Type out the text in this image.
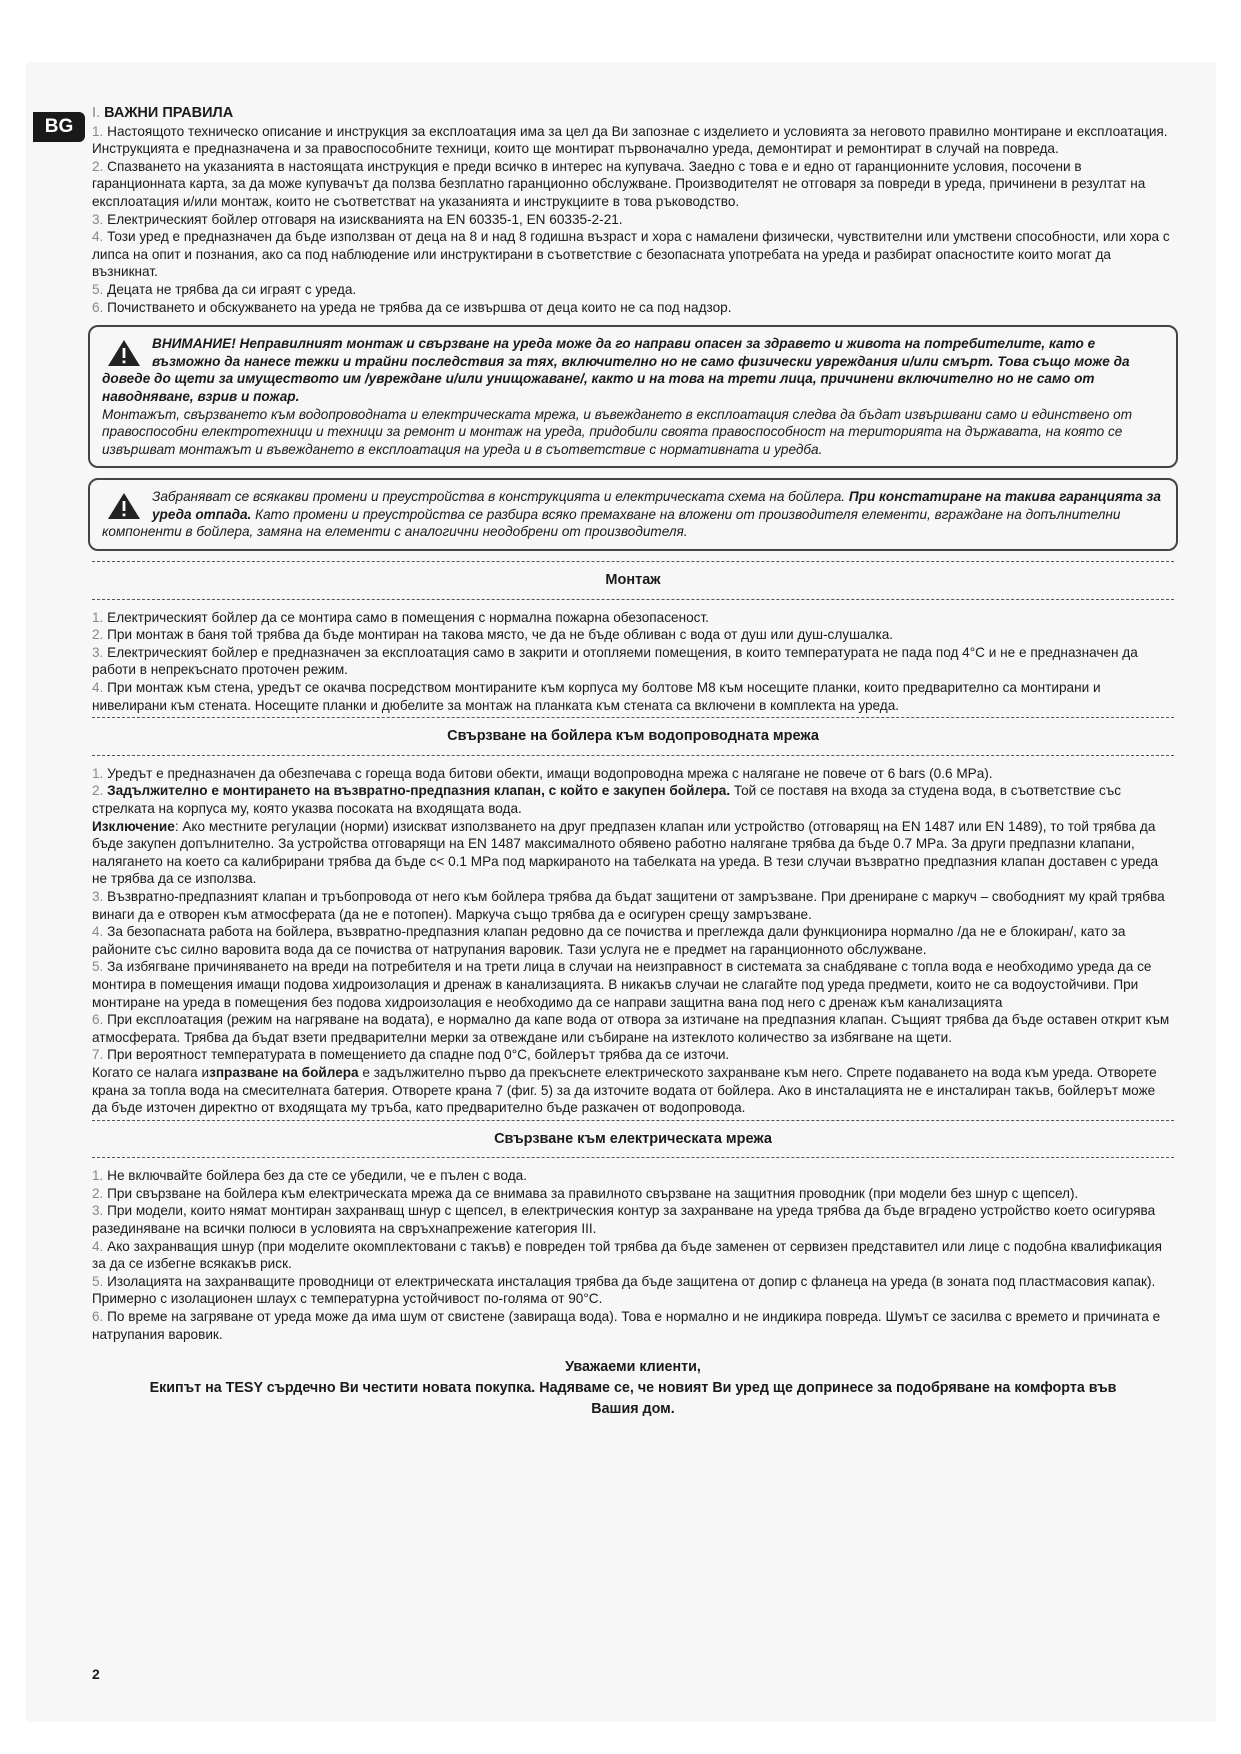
BG

I. ВАЖНИ ПРАВИЛА

1. Настоящото техническо описание и инструкция за експлоатация има за цел да Ви запознае с изделието и условията за неговото правилно монтиране и експлоатация. Инструкцията е предназначена и за правоспособните техници, които ще монтират първоначално уреда, демонтират и ремонтират в случай на повреда.

2. Спазването на указанията в настоящата инструкция е преди всичко в интерес на купувача. Заедно с това е и едно от гаранционните условия, посочени в гаранционната карта, за да може купувачът да ползва безплатно гаранционно обслужване. Производителят не отговаря за повреди в уреда, причинени в резултат на експлоатация и/или монтаж, които не съответстват на указанията и инструкциите в това ръководство.

3. Електрическият бойлер отговаря на изискванията на EN 60335-1, EN 60335-2-21.

4. Този уред е предназначен да бъде използван от деца на 8 и над 8 годишна възраст и хора с намалени физически, чувствителни или умствени способности, или хора с липса на опит и познания, ако са под наблюдение или инструктирани в съответствие с безопасната употребата на уреда и разбират опасностите които могат да възникнат.

5. Децата не трябва да си играят с уреда.

6. Почистването и обскужването на уреда не трябва да се извършва от деца които не са под надзор.

ВНИМАНИЕ! Неправилният монтаж и свързване на уреда може да го направи опасен за здравето и живота на потребителите, като е възможно да нанесе тежки и трайни последствия за тях, включително но не само физически увреждания и/или смърт. Това също може да доведе до щети за имуществото им /увреждане и/или унищожаване/, както и на това на трети лица, причинени включително но не само от наводняване, взрив и пожар.
Монтажът, свързването към водопроводната и електрическата мрежа, и въвеждането в експлоатация следва да бъдат извършвани само и единствено от правоспособни електротехници и техници за ремонт и монтаж на уреда, придобили своята правоспособност на територията на държавата, на която се извършват монтажът и въвеждането в експлоатация на уреда и в съответствие с нормативната и уредба.
Забраняват се всякакви промени и преустройства в конструкцията и електрическата схема на бойлера. При констатиране на такива гаранцията за уреда отпада. Като промени и преустройства се разбира всяко премахване на вложени от производителя елементи, вграждане на допълнителни компоненти в бойлера, замяна на елементи с аналогични неодобрени от производителя.
Монтаж

1. Електрическият бойлер да се монтира само в помещения с нормална пожарна обезопасеност.

2. При монтаж в баня той трябва да бъде монтиран на такова място, че да не бъде обливан с вода от душ или душ-слушалка.

3. Електрическият бойлер е предназначен за експлоатация само в закрити и отопляеми помещения, в които температурата не пада под 4°C и не е предназначен да работи в непрекъснато проточен режим.

4. При монтаж към стена, уредът се окачва посредством монтираните към корпуса му болтове М8 към носещите планки, които предварително са монтирани и нивелирани към стената. Носещите планки и дюбелите за монтаж на планката към стената са включени в комплекта на уреда.

Свързване на бойлера към водопроводната мрежа

1. Уредът е предназначен да обезпечава с гореща вода битови обекти, имащи водопроводна мрежа с налягане не повече от 6 bars (0.6 MPa).

2. Задължително е монтирането на възвратно-предпазния клапан, с който е закупен бойлера. Той се поставя на входа за студена вода, в съответствие със стрелката на корпуса му, която указва посоката на входящата вода.

Изключение: Ако местните регулации (норми) изискват използването на друг предпазен клапан или устройство (отговарящ на EN 1487 или EN 1489), то той трябва да бъде закупен допълнително. За устройства отговарящи на EN 1487 максималното обявено работно налягане трябва да бъде 0.7 MPa. За други предпазни клапани, налягането на което са калибрирани трябва да бъде с< 0.1 MPa под маркираното на табелката на уреда. В тези случаи възвратно предпазния клапан доставен с уреда не трябва да се използва.

3. Възвратно-предпазният клапан и тръбопровода от него към бойлера трябва да бъдат защитени от замръзване. При дрениране с маркуч – свободният му край трябва винаги да е отворен към атмосферата (да не е потопен). Маркуча също трябва да е осигурен срещу замръзване.

4. За безопасната работа на бойлера, възвратно-предпазния клапан редовно да се почиства и преглежда дали функционира нормално /да не е блокиран/, като за районите със силно варовита вода да се почиства от натрупания варовик. Тази услуга не е предмет на гаранционното обслужване.

5. За избягване причиняването на вреди на потребителя и на трети лица в случаи на неизправност в системата за снабдяване с топла вода е необходимо уреда да се монтира в помещения имащи подова хидроизолация и дренаж в канализацията. В никакъв случаи не слагайте под уреда предмети, които не са водоустойчиви. При монтиране на уреда в помещения без подова хидроизолация е необходимо да се направи защитна вана под него с дренаж към канализацията

6. При експлоатация (режим на нагряване на водата), е нормално да капе вода от отвора за изтичане на предпазния клапан. Същият трябва да бъде оставен открит към атмосферата. Трябва да бъдат взети предварителни мерки за отвеждане или събиране на изтеклото количество за избягване на щети.

7. При вероятност температурата в помещението да спадне под 0°C, бойлерът трябва да се източи.

Когато се налага изпразване на бойлера е задължително първо да прекъснете електрическото захранване към него. Спрете подаването на вода към уреда. Отворете крана за топла вода на смесителната батерия. Отворете крана 7 (фиг. 5) за да източите водата от бойлера. Ако в инсталацията не е инсталиран такъв, бойлерът може да бъде източен директно от входящата му тръба, като предварително бъде разкачен от водопровода.

Свързване към електрическата мрежа

1. Не включвайте бойлера без да сте се убедили, че е пълен с вода.

2. При свързване на бойлера към електрическата мрежа да се внимава за правилното свързване на защитния проводник (при модели без шнур с щепсел).

3. При модели, които нямат монтиран захранващ шнур с щепсел, в електрическия контур за захранване на уреда трябва да бъде вградено устройство което осигурява разединяване на всички полюси в условията на свръхнапрежение категория III.

4. Ако захранващия шнур (при моделите окомплектовани с такъв) е повреден той трябва да бъде заменен от сервизен представител или лице с подобна квалификация за да се избегне всякакъв риск.

5. Изолацията на захранващите проводници от електрическата инсталация трябва да бъде защитена от допир с фланеца на уреда (в зоната под пластмасовия капак). Примерно с изолационен шлаух с температурна устойчивост по-голяма от 90°C.

6. По време на загряване от уреда може да има шум от свистене (завираща вода). Това е нормално и не индикира повреда. Шумът се засилва с времето и причината е натрупания варовик.

Уважаеми клиенти,
Екипът на TESY сърдечно Ви честити новата покупка. Надяваме се, че новият Ви уред ще допринесе за подобряване на комфорта във
Вашия дом.
2
